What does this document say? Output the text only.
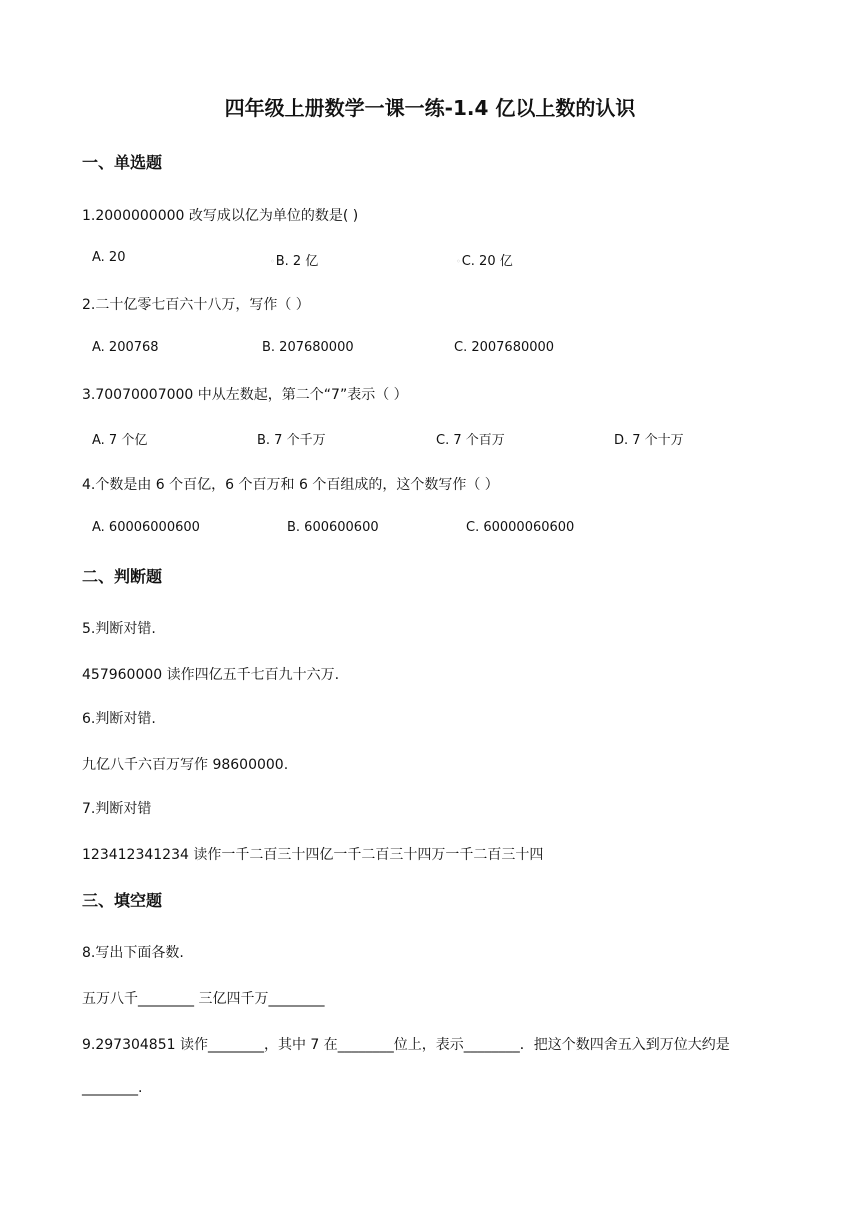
四年级上册数学一课一练-1.4 亿以上数的认识
一、单选题
1.2000000000 改写成以亿为单位的数是( )
A. 20	◦B. 2 亿	◦C. 20 亿
2.二十亿零七百六十八万，写作（ ）
A. 200768	B. 207680000	C. 2007680000
3.70070007000 中从左数起，第二个“7”表示（ ）
A. 7 个亿	B. 7 个千万	C. 7 个百万	D. 7 个十万
4.个数是由 6 个百亿，6 个百万和 6 个百组成的，这个数写作（ ）
A. 60006000600	B. 600600600	C. 60000060600
二、判断题
5.判断对错.
457960000 读作四亿五千七百九十六万.
6.判断对错.
九亿八千六百万写作 98600000.
7.判断对错
123412341234 读作一千二百三十四亿一千二百三十四万一千二百三十四
三、填空题
8.写出下面各数.
五万八千________ 三亿四千万________
9.297304851 读作________，其中 7 在________位上，表示________．把这个数四舍五入到万位大约是
________.
